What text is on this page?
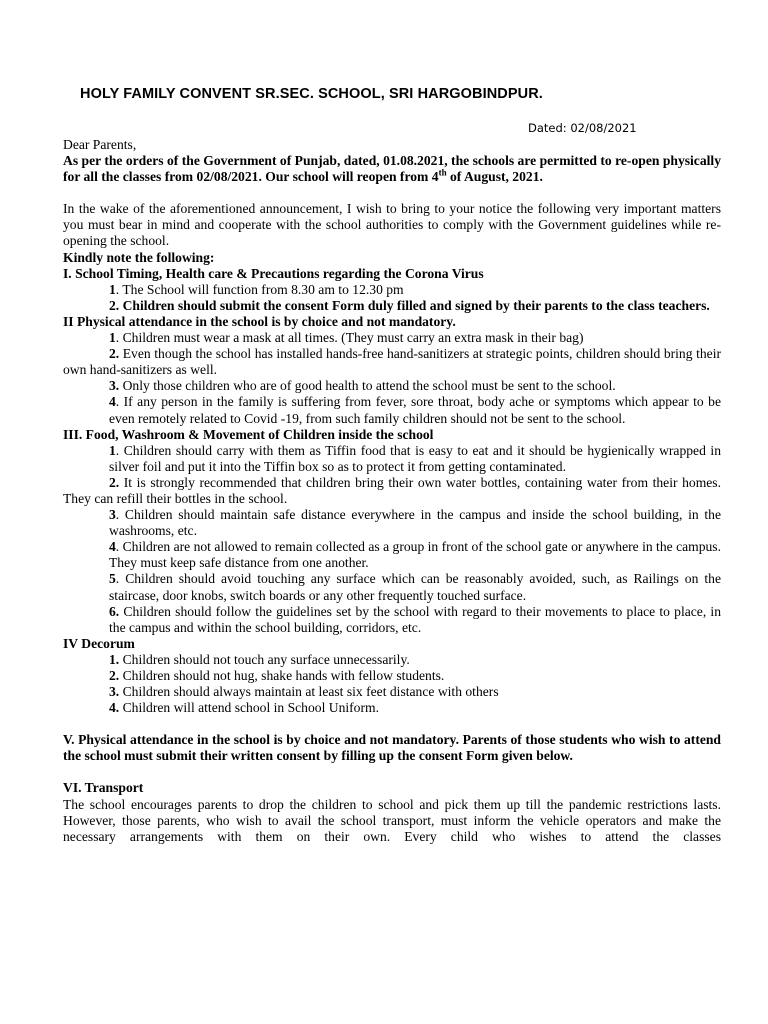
HOLY FAMILY CONVENT SR.SEC. SCHOOL, SRI HARGOBINDPUR.
Dated: 02/08/2021

Dear Parents,

As per the orders of the Government of Punjab, dated, 01.08.2021, the schools are permitted to re-open physically for all the classes from 02/08/2021. Our school will reopen from 4th of August, 2021.

In the wake of the aforementioned announcement, I wish to bring to your notice the following very important matters you must bear in mind and cooperate with the school authorities to comply with the Government guidelines while re-opening the school.

Kindly note the following:

I. School Timing, Health care & Precautions regarding the Corona Virus

1. The School will function from 8.30 am to 12.30 pm

2. Children should submit the consent Form duly filled and signed by their parents to the class teachers.

II Physical attendance in the school is by choice and not mandatory.

1. Children must wear a mask at all times. (They must carry an extra mask in their bag)

2. Even though the school has installed hands-free hand-sanitizers at strategic points, children should bring their own hand-sanitizers as well.

3. Only those children who are of good health to attend the school must be sent to the school.

4. If any person in the family is suffering from fever, sore throat, body ache or symptoms which appear to be even remotely related to Covid -19, from such family children should not be sent to the school.

III. Food, Washroom & Movement of Children inside the school

1. Children should carry with them as Tiffin food that is easy to eat and it should be hygienically wrapped in silver foil and put it into the Tiffin box so as to protect it from getting contaminated.

2. It is strongly recommended that children bring their own water bottles, containing water from their homes. They can refill their bottles in the school.

3. Children should maintain safe distance everywhere in the campus and inside the school building, in the washrooms, etc.

4. Children are not allowed to remain collected as a group in front of the school gate or anywhere in the campus. They must keep safe distance from one another.

5. Children should avoid touching any surface which can be reasonably avoided, such, as Railings on the staircase, door knobs, switch boards or any other frequently touched surface.

6. Children should follow the guidelines set by the school with regard to their movements to place to place, in the campus and within the school building, corridors, etc.

IV Decorum

1. Children should not touch any surface unnecessarily.

2. Children should not hug, shake hands with fellow students.

3. Children should always maintain at least six feet distance with others

4. Children will attend school in School Uniform.

V. Physical attendance in the school is by choice and not mandatory. Parents of those students who wish to attend the school must submit their written consent by filling up the consent Form given below.

VI. Transport

The school encourages parents to drop the children to school and pick them up till the pandemic restrictions lasts. However, those parents, who wish to avail the school transport, must inform the vehicle operators and make the necessary arrangements with them on their own. Every child who wishes to attend the classes
